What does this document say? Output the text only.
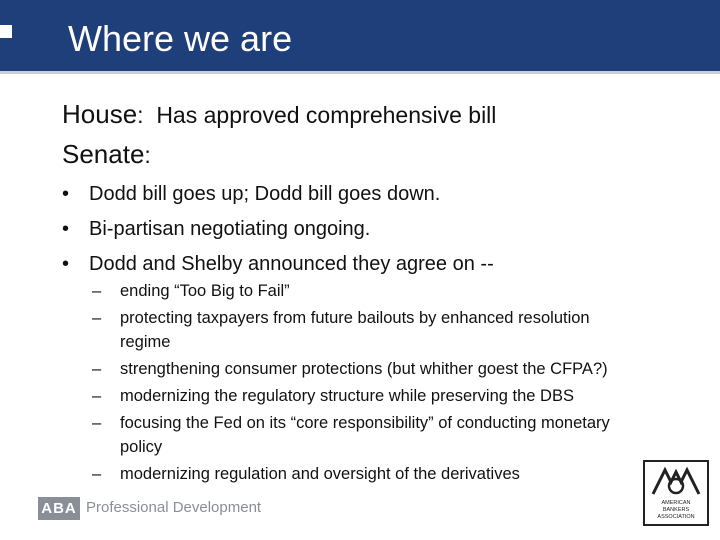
Where we are
House:  Has approved comprehensive bill
Senate:
• Dodd bill goes up; Dodd bill goes down.
• Bi-partisan negotiating ongoing.
• Dodd and Shelby announced they agree on --
– ending “Too Big to Fail”
– protecting taxpayers from future bailouts by enhanced resolution regime
– strengthening consumer protections (but whither goest the CFPA?)
– modernizing the regulatory structure while preserving the DBS
– focusing the Fed on its “core responsibility” of conducting monetary policy
– modernizing regulation and oversight of the derivatives
ABA Professional Development	AMERICAN
BANKERS
ASSOCIATION
